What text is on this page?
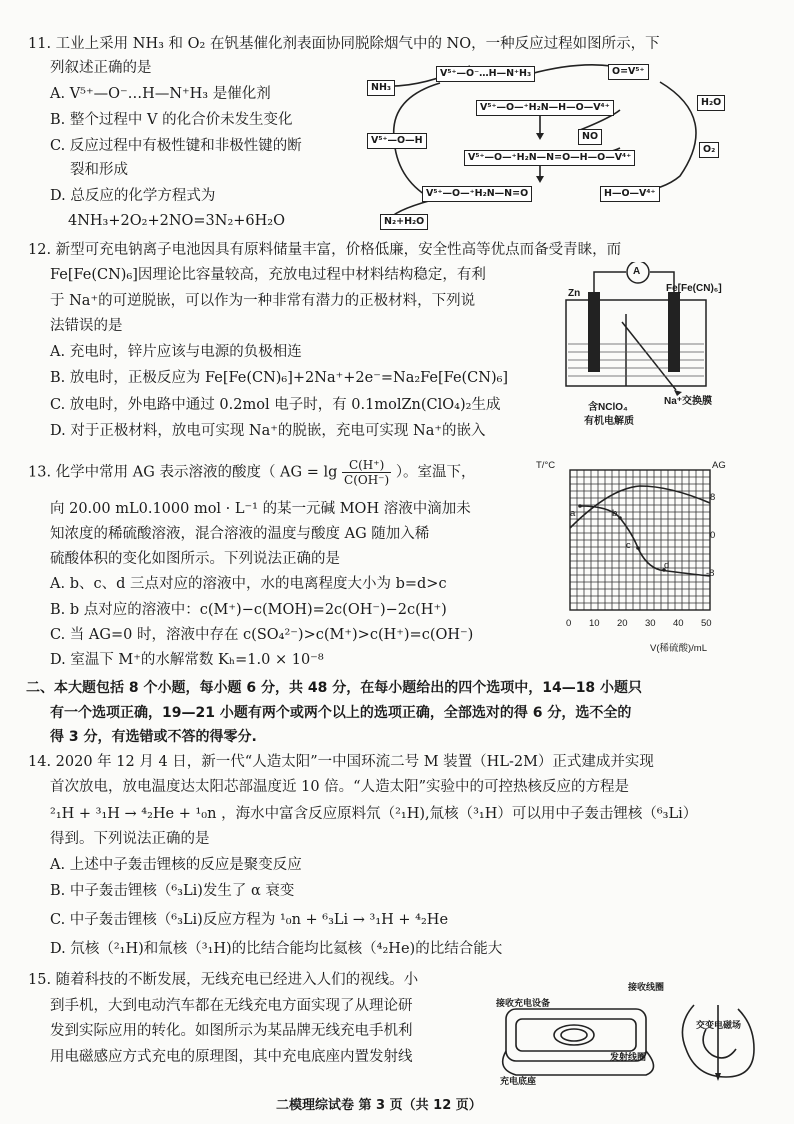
11. 工业上采用 NH₃ 和 O₂ 在钒基催化剂表面协同脱除烟气中的 NO，一种反应过程如图所示，下
列叙述正确的是
A. V⁵⁺—O⁻…H—N⁺H₃ 是催化剂
B. 整个过程中 V 的化合价未发生变化
C. 反应过程中有极性键和非极性键的断
裂和形成
D. 总反应的化学方程式为
4NH₃+2O₂+2NO=3N₂+6H₂O
NH₃
V⁵⁺—O⁻…H—N⁺H₃	O=V⁵⁺
V⁵⁺—O—⁺H₂N—H—O—V⁴⁺	H₂O
NO
V⁵⁺—O—H
O₂
V⁵⁺—O—⁺H₂N—N=O—H—O—V⁴⁺
V⁵⁺—O—⁺H₂N—N=O	H—O—V⁴⁺
N₂+H₂O
12. 新型可充电钠离子电池因具有原料储量丰富，价格低廉，安全性高等优点而备受青睐，而
Fe[Fe(CN)₆]因理论比容量较高，充放电过程中材料结构稳定，有利
于 Na⁺的可逆脱嵌，可以作为一种非常有潜力的正极材料，下列说
法错误的是
A. 充电时，锌片应该与电源的负极相连
B. 放电时，正极反应为 Fe[Fe(CN)₆]+2Na⁺+2e⁻=Na₂Fe[Fe(CN)₆]
C. 放电时，外电路中通过 0.2mol 电子时，有 0.1molZn(ClO₄)₂生成
D. 对于正极材料，放电可实现 Na⁺的脱嵌，充电可实现 Na⁺的嵌入
A
Zn	Fe[Fe(CN)₆]
含NClO₄
有机电解质
Na⁺交换膜
13. 化学中常用 AG 表示溶液的酸度（ AG = $\lg \frac{C(H^+)}{C(OH^-)}$ ）。室温下，
向 20.00 mL0.1000 mol · L⁻¹ 的某一元碱 MOH 溶液中滴加未
知浓度的稀硫酸溶液，混合溶液的温度与酸度 AG 随加入稀
硫酸体积的变化如图所示。下列说法正确的是
A. b、c、d 三点对应的溶液中，水的电离程度大小为 b=d>c
B. b 点对应的溶液中：c(M⁺)−c(MOH)=2c(OH⁻)−2c(H⁺)
C. 当 AG=0 时，溶液中存在 c(SO₄²⁻)>c(M⁺)>c(H⁺)=c(OH⁻)
D. 室温下 M⁺的水解常数 Kₕ=1.0 × 10⁻⁸
T/°C	AG
8
0
-8
a	b
c
d
0 10 20 30 40 50
V(稀硫酸)/mL
二、本大题包括 8 个小题，每小题 6 分，共 48 分，在每小题给出的四个选项中，14—18 小题只
有一个选项正确，19—21 小题有两个或两个以上的选项正确，全部选对的得 6 分，选不全的
得 3 分，有选错或不答的得零分.
14. 2020 年 12 月 4 日，新一代“人造太阳”一中国环流二号 M 装置（HL-2M）正式建成并实现
首次放电，放电温度达太阳芯部温度近 10 倍。“人造太阳”实验中的可控热核反应的方程是
²₁H + ³₁H → ⁴₂He + ¹₀n ，海水中富含反应原料氘（²₁H),氚核（³₁H）可以用中子轰击锂核（⁶₃Li）
得到。下列说法正确的是
A. 上述中子轰击锂核的反应是聚变反应
B. 中子轰击锂核（⁶₃Li)发生了 α 衰变
C. 中子轰击锂核（⁶₃Li)反应方程为 ¹₀n + ⁶₃Li → ³₁H + ⁴₂He
D. 氘核（²₁H)和氚核（³₁H)的比结合能均比氦核（⁴₂He)的比结合能大
15. 随着科技的不断发展，无线充电已经进入人们的视线。小
到手机，大到电动汽车都在无线充电方面实现了从理论研
发到实际应用的转化。如图所示为某品牌无线充电手机利
用电磁感应方式充电的原理图，其中充电底座内置发射线
接收充电设备
接收线圈
交变电磁场
发射线圈
充电底座
二模理综试卷 第 3 页（共 12 页）
